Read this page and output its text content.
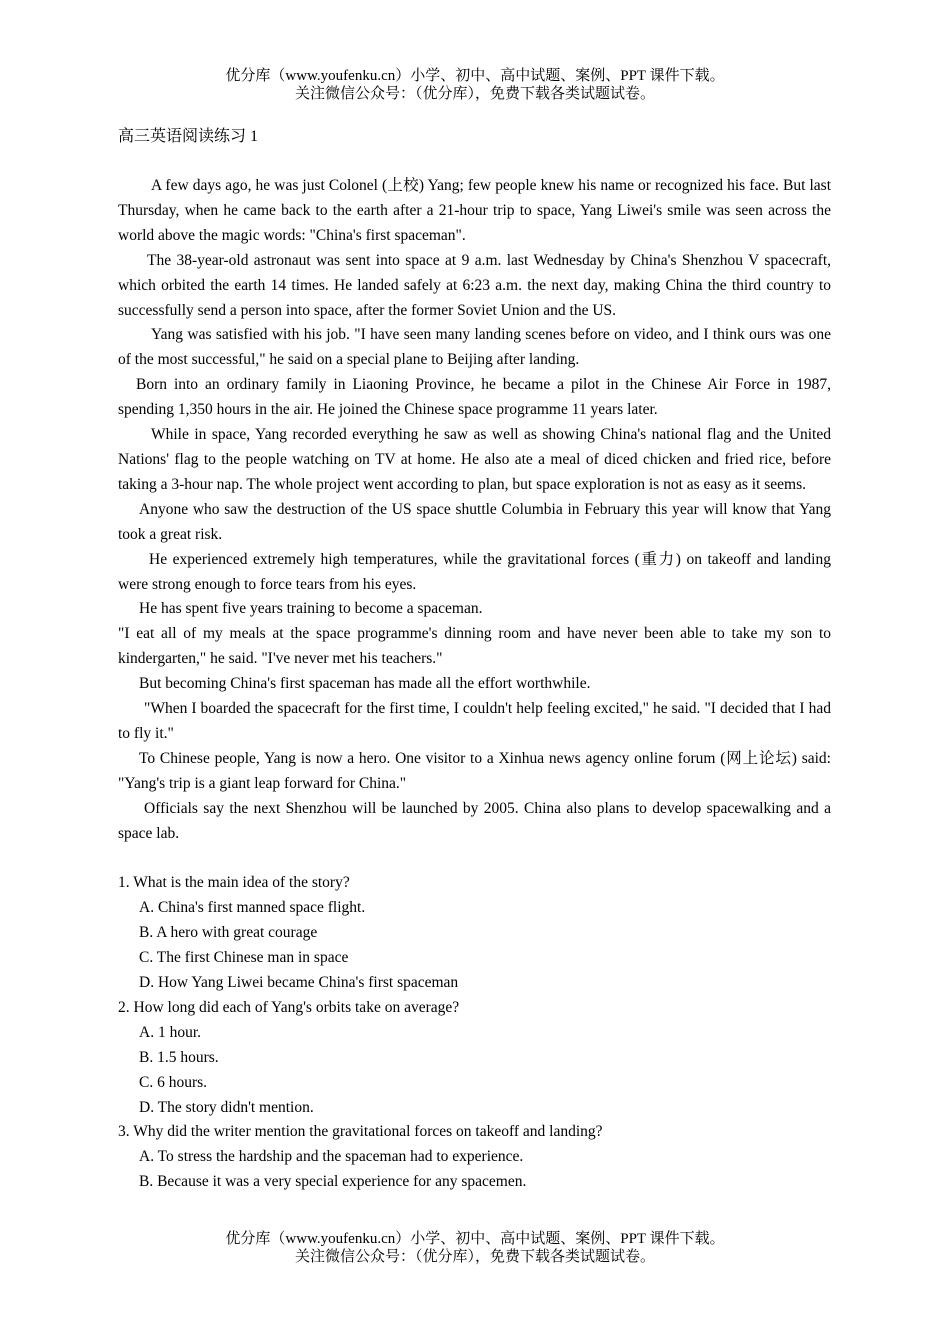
优分库（www.youfenku.cn）小学、初中、高中试题、案例、PPT 课件下载。
关注微信公众号：（优分库），免费下载各类试题试卷。
高三英语阅读练习 1

A few days ago, he was just Colonel (上校) Yang; few people knew his name or recognized his face. But last Thursday, when he came back to the earth after a 21-hour trip to space, Yang Liwei's smile was seen across the world above the magic words: "China's first spaceman".

The 38-year-old astronaut was sent into space at 9 a.m. last Wednesday by China's Shenzhou V spacecraft, which orbited the earth 14 times. He landed safely at 6:23 a.m. the next day, making China the third country to successfully send a person into space, after the former Soviet Union and the US.

Yang was satisfied with his job. "I have seen many landing scenes before on video, and I think ours was one of the most successful," he said on a special plane to Beijing after landing.

Born into an ordinary family in Liaoning Province, he became a pilot in the Chinese Air Force in 1987, spending 1,350 hours in the air. He joined the Chinese space programme 11 years later.

While in space, Yang recorded everything he saw as well as showing China's national flag and the United Nations' flag to the people watching on TV at home. He also ate a meal of diced chicken and fried rice, before taking a 3-hour nap. The whole project went according to plan, but space exploration is not as easy as it seems.

Anyone who saw the destruction of the US space shuttle Columbia in February this year will know that Yang took a great risk.

He experienced extremely high temperatures, while the gravitational forces (重力) on takeoff and landing were strong enough to force tears from his eyes.

He has spent five years training to become a spaceman.

"I eat all of my meals at the space programme's dinning room and have never been able to take my son to kindergarten," he said. "I've never met his teachers."

But becoming China's first spaceman has made all the effort worthwhile.

"When I boarded the spacecraft for the first time, I couldn't help feeling excited," he said. "I decided that I had to fly it."

To Chinese people, Yang is now a hero. One visitor to a Xinhua news agency online forum (网上论坛) said: "Yang's trip is a giant leap forward for China."

Officials say the next Shenzhou will be launched by 2005. China also plans to develop spacewalking and a space lab.

1. What is the main idea of the story?

A. China's first manned space flight.

B. A hero with great courage

C. The first Chinese man in space

D. How Yang Liwei became China's first spaceman

2. How long did each of Yang's orbits take on average?

A. 1 hour.

B. 1.5 hours.

C. 6 hours.

D. The story didn't mention.

3. Why did the writer mention the gravitational forces on takeoff and landing?

A. To stress the hardship and the spaceman had to experience.

B. Because it was a very special experience for any spacemen.

优分库（www.youfenku.cn）小学、初中、高中试题、案例、PPT 课件下载。
关注微信公众号：（优分库），免费下载各类试题试卷。
